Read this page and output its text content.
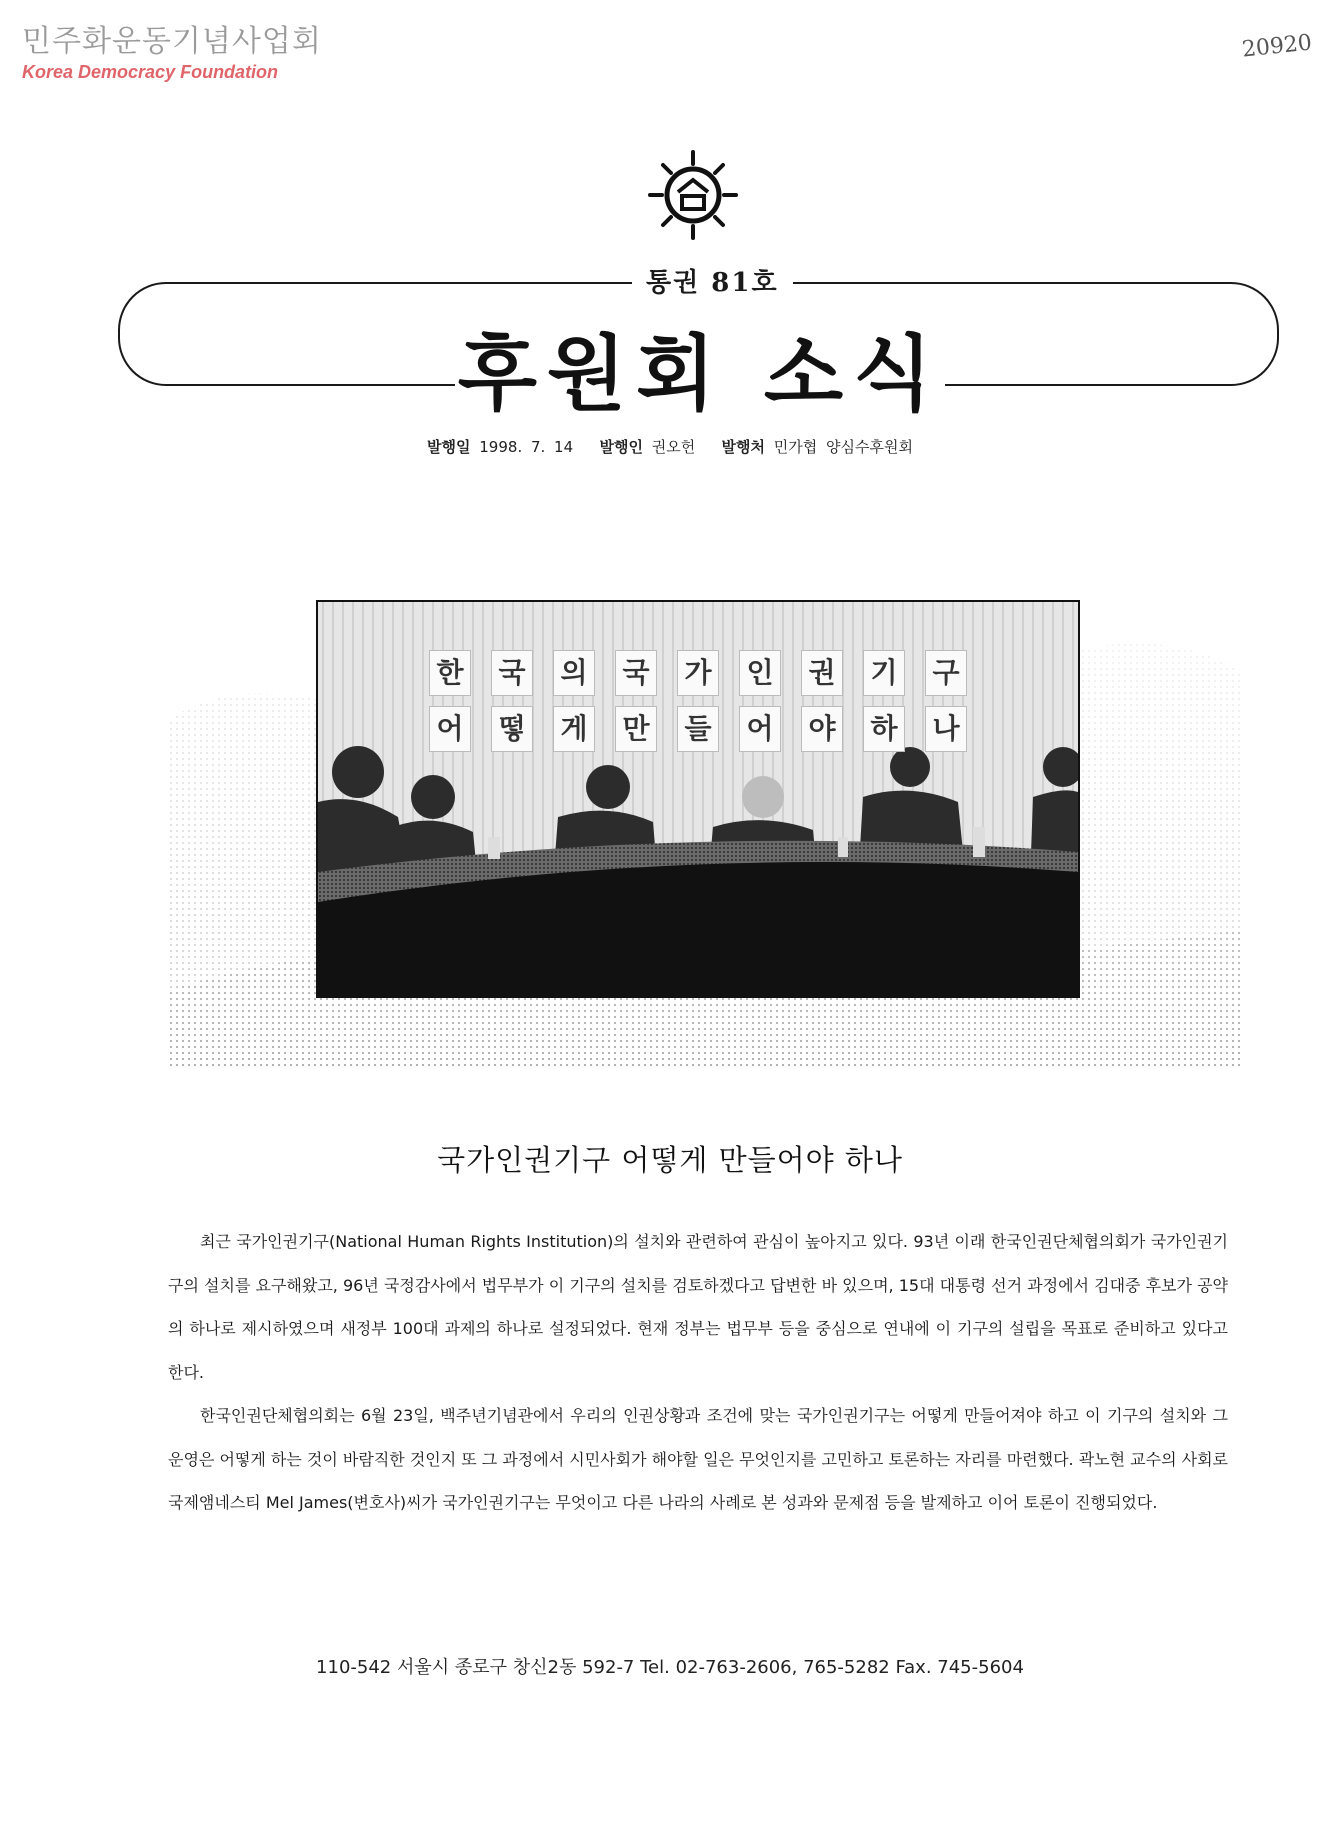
민주화운동기념사업회
Korea Democracy Foundation
20920
통권 81호
후원회 소식
발행일 1998. 7. 14 발행인 권오헌 발행처 민가협 양심수후원회
한 국 의 국 가 인 권 기 구
어 떻 게 만 들 어 야 하 나
국가인권기구 어떻게 만들어야 하나

최근 국가인권기구(National Human Rights Institution)의 설치와 관련하여 관심이 높아지고 있다. 93년 이래 한국인권단체협의회가 국가인권기구의 설치를 요구해왔고, 96년 국정감사에서 법무부가 이 기구의 설치를 검토하겠다고 답변한 바 있으며, 15대 대통령 선거 과정에서 김대중 후보가 공약의 하나로 제시하였으며 새정부 100대 과제의 하나로 설정되었다. 현재 정부는 법무부 등을 중심으로 연내에 이 기구의 설립을 목표로 준비하고 있다고 한다.

한국인권단체협의회는 6월 23일, 백주년기념관에서 우리의 인권상황과 조건에 맞는 국가인권기구는 어떻게 만들어져야 하고 이 기구의 설치와 그 운영은 어떻게 하는 것이 바람직한 것인지 또 그 과정에서 시민사회가 해야할 일은 무엇인지를 고민하고 토론하는 자리를 마련했다. 곽노현 교수의 사회로 국제앰네스티 Mel James(변호사)씨가 국가인권기구는 무엇이고 다른 나라의 사례로 본 성과와 문제점 등을 발제하고 이어 토론이 진행되었다.

110-542 서울시 종로구 창신2동 592-7 Tel. 02-763-2606, 765-5282 Fax. 745-5604
